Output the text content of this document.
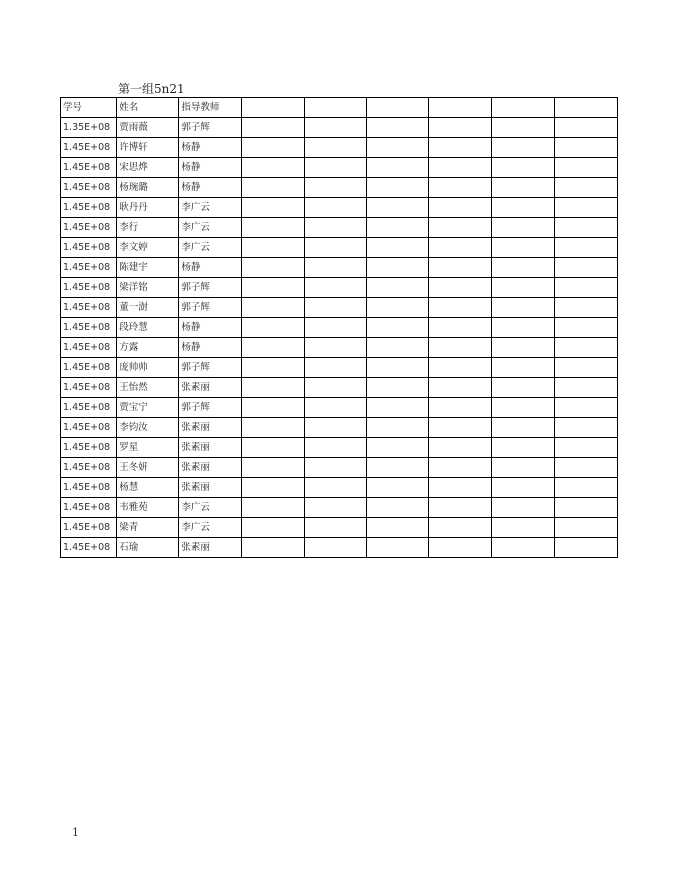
第一组5n21
学号	姓名	指导教师						
1.35E+08	贾雨薇	郭子辉						
1.45E+08	许博轩	杨静						
1.45E+08	宋思烨	杨静						
1.45E+08	杨琬璐	杨静						
1.45E+08	耿丹丹	李广云						
1.45E+08	李行	李广云						
1.45E+08	李文婷	李广云						
1.45E+08	陈建宇	杨静						
1.45E+08	梁洋铭	郭子辉						
1.45E+08	董一澍	郭子辉						
1.45E+08	段玲慧	杨静						
1.45E+08	方露	杨静						
1.45E+08	庞帅帅	郭子辉						
1.45E+08	王怡然	张素丽						
1.45E+08	贾宝宁	郭子辉						
1.45E+08	李钧汝	张素丽						
1.45E+08	罗星	张素丽						
1.45E+08	王冬妍	张素丽						
1.45E+08	杨慧	张素丽						
1.45E+08	韦雅苑	李广云						
1.45E+08	梁青	李广云						
1.45E+08	石瑜	张素丽						
1
